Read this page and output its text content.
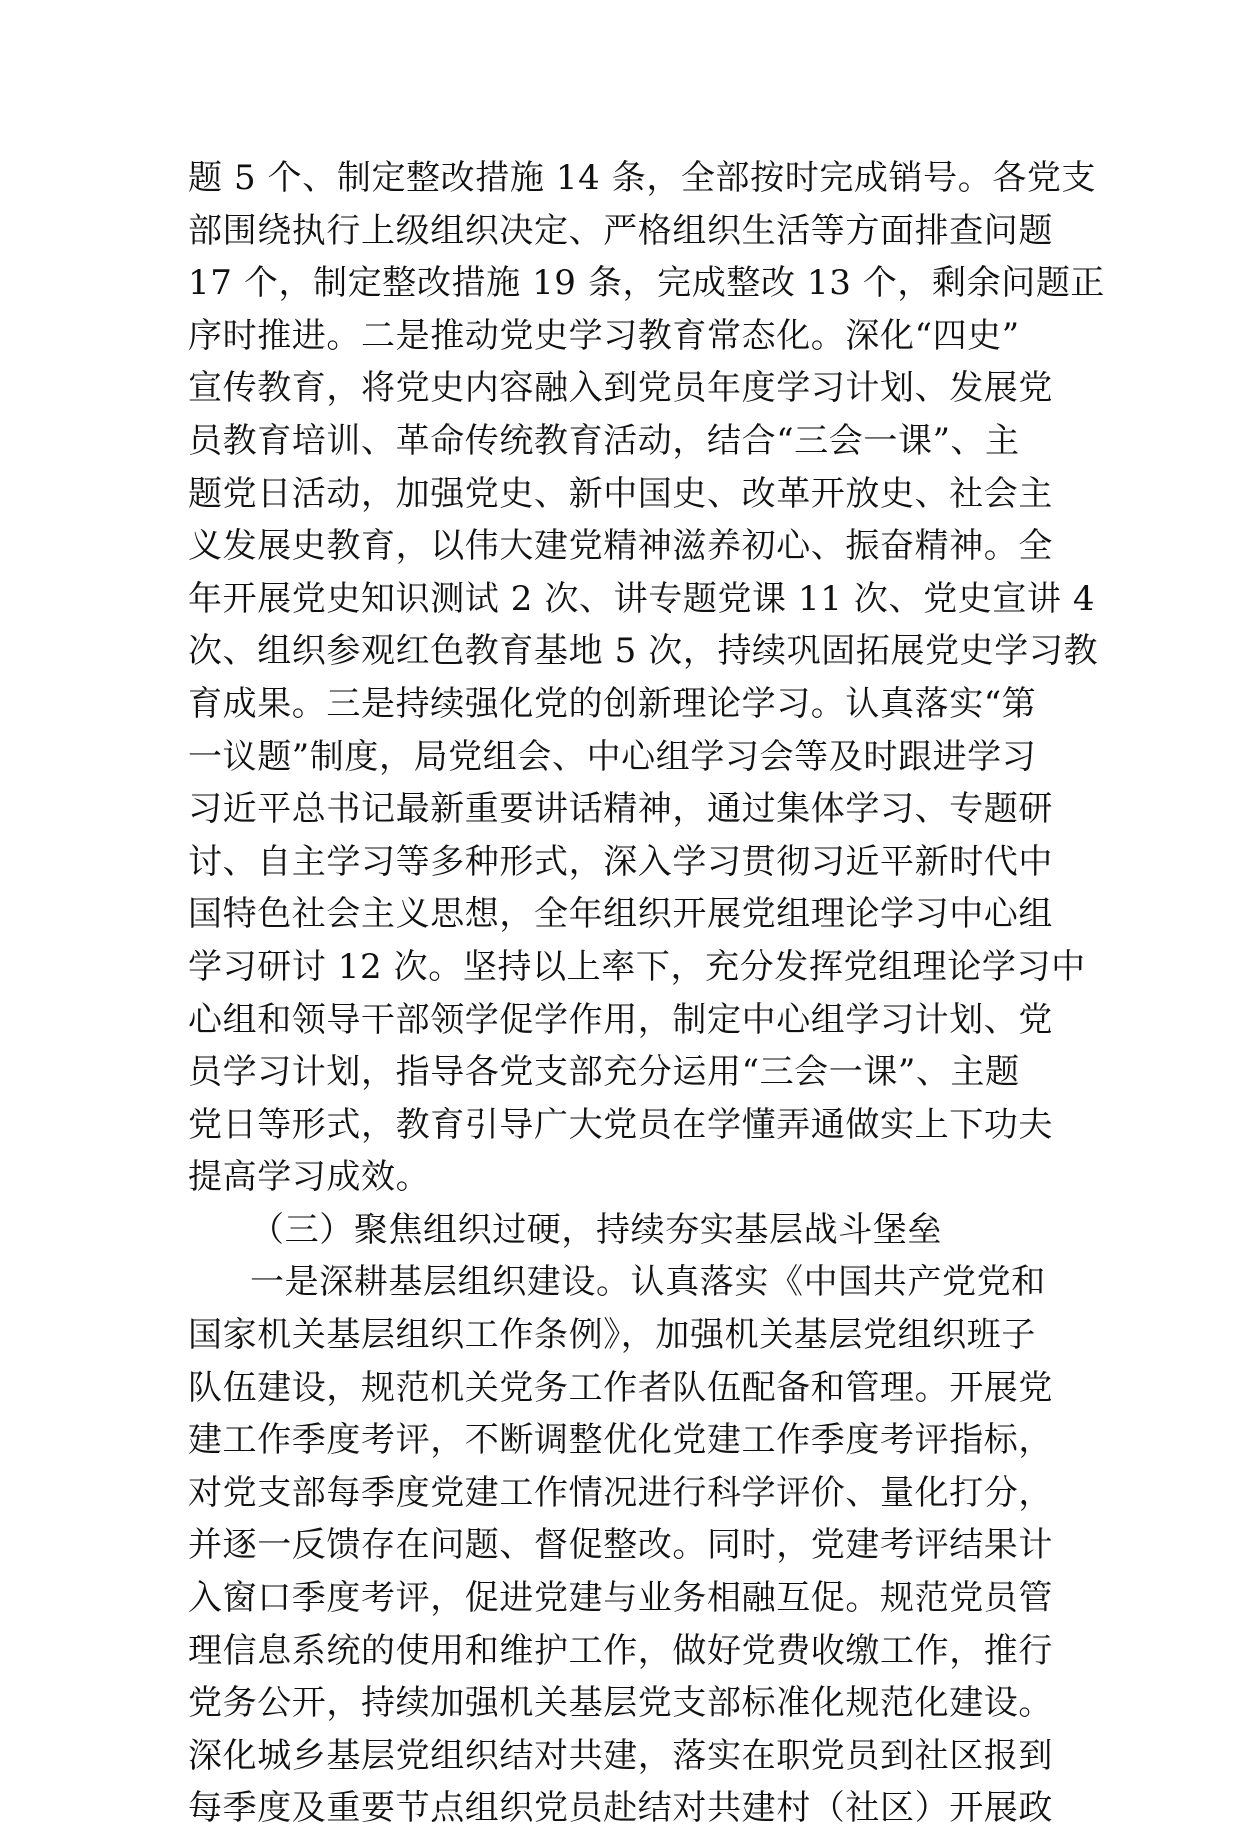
题 5 个、制定整改措施 14 条，全部按时完成销号。各党支
部围绕执行上级组织决定、严格组织生活等方面排查问题
17 个，制定整改措施 19 条，完成整改 13 个，剩余问题正
序时推进。二是推动党史学习教育常态化。深化“四史”
宣传教育，将党史内容融入到党员年度学习计划、发展党
员教育培训、革命传统教育活动，结合“三会一课”、主
题党日活动，加强党史、新中国史、改革开放史、社会主
义发展史教育，以伟大建党精神滋养初心、振奋精神。全
年开展党史知识测试 2 次、讲专题党课 11 次、党史宣讲 4
次、组织参观红色教育基地 5 次，持续巩固拓展党史学习教
育成果。三是持续强化党的创新理论学习。认真落实“第
一议题”制度，局党组会、中心组学习会等及时跟进学习
习近平总书记最新重要讲话精神，通过集体学习、专题研
讨、自主学习等多种形式，深入学习贯彻习近平新时代中
国特色社会主义思想，全年组织开展党组理论学习中心组
学习研讨 12 次。坚持以上率下，充分发挥党组理论学习中
心组和领导干部领学促学作用，制定中心组学习计划、党
员学习计划，指导各党支部充分运用“三会一课”、主题
党日等形式，教育引导广大党员在学懂弄通做实上下功夫
提高学习成效。
（三）聚焦组织过硬，持续夯实基层战斗堡垒
一是深耕基层组织建设。认真落实《中国共产党党和
国家机关基层组织工作条例》，加强机关基层党组织班子
队伍建设，规范机关党务工作者队伍配备和管理。开展党
建工作季度考评，不断调整优化党建工作季度考评指标，
对党支部每季度党建工作情况进行科学评价、量化打分，
并逐一反馈存在问题、督促整改。同时，党建考评结果计
入窗口季度考评，促进党建与业务相融互促。规范党员管
理信息系统的使用和维护工作，做好党费收缴工作，推行
党务公开，持续加强机关基层党支部标准化规范化建设。
深化城乡基层党组织结对共建，落实在职党员到社区报到
每季度及重要节点组织党员赴结对共建村（社区）开展政
